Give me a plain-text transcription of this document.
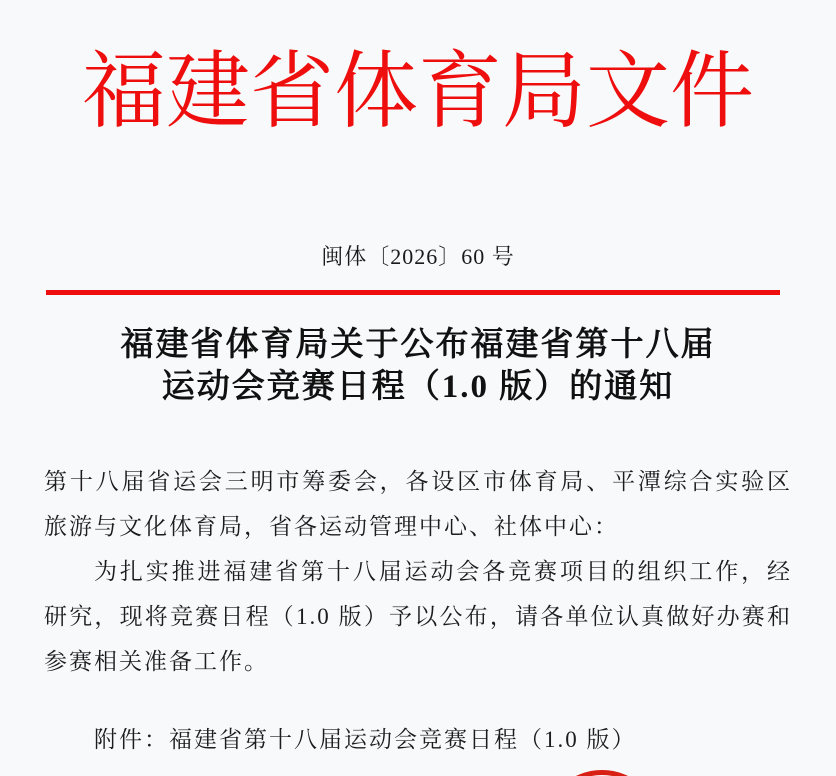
福建省体育局文件
闽体〔2026〕60 号
福建省体育局关于公布福建省第十八届
运动会竞赛日程（1.0 版）的通知
第十八届省运会三明市筹委会，各设区市体育局、平潭综合实验区
旅游与文化体育局，省各运动管理中心、社体中心：
为扎实推进福建省第十八届运动会各竞赛项目的组织工作，经
研究，现将竞赛日程（1.0 版）予以公布，请各单位认真做好办赛和
参赛相关准备工作。
附件：福建省第十八届运动会竞赛日程（1.0 版）
